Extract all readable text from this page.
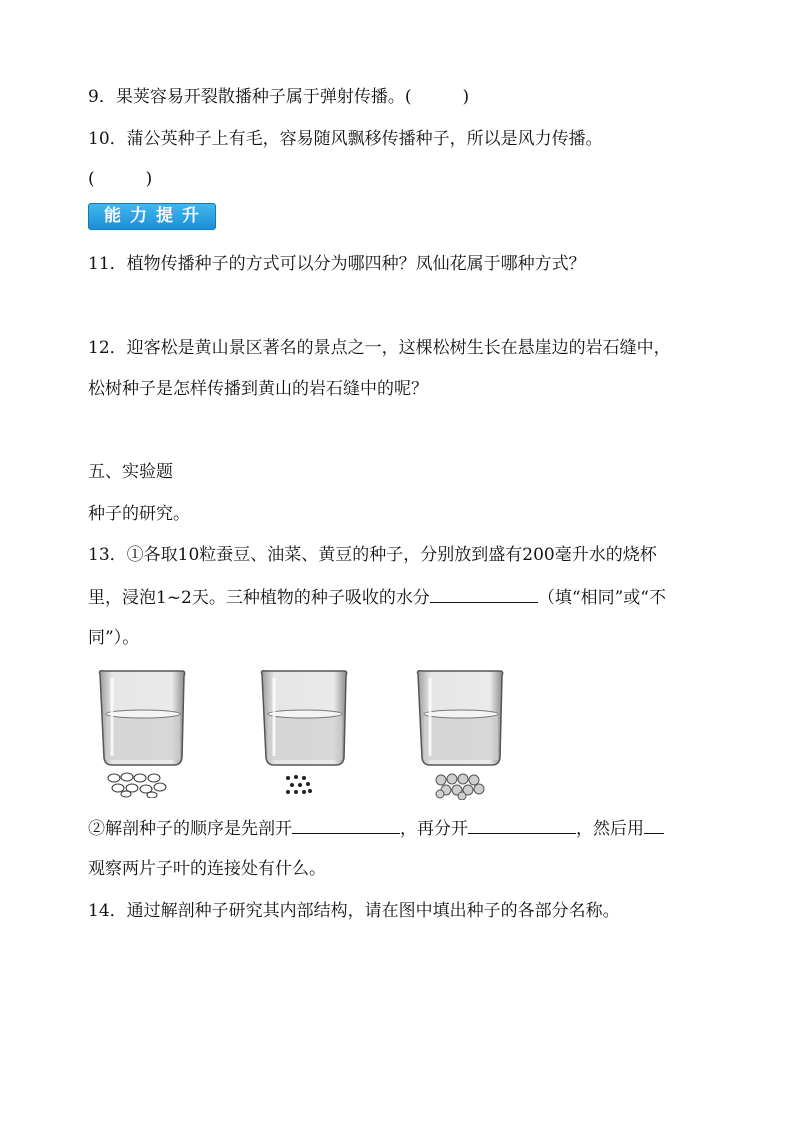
9．果荚容易开裂散播种子属于弹射传播。(　　　)
10．蒲公英种子上有毛，容易随风飘移传播种子，所以是风力传播。
(　　　)
能力提升
11．植物传播种子的方式可以分为哪四种？凤仙花属于哪种方式？
12．迎客松是黄山景区著名的景点之一，这棵松树生长在悬崖边的岩石缝中，
松树种子是怎样传播到黄山的岩石缝中的呢？
五、实验题
种子的研究。
13．①各取10粒蚕豆、油菜、黄豆的种子，分别放到盛有200毫升水的烧杯
里，浸泡1~2天。三种植物的种子吸收的水分	（填“相同”或“不
同”）。
②解剖种子的顺序是先剖开	，再分开	，然后用
观察两片子叶的连接处有什么。
14．通过解剖种子研究其内部结构，请在图中填出种子的各部分名称。
